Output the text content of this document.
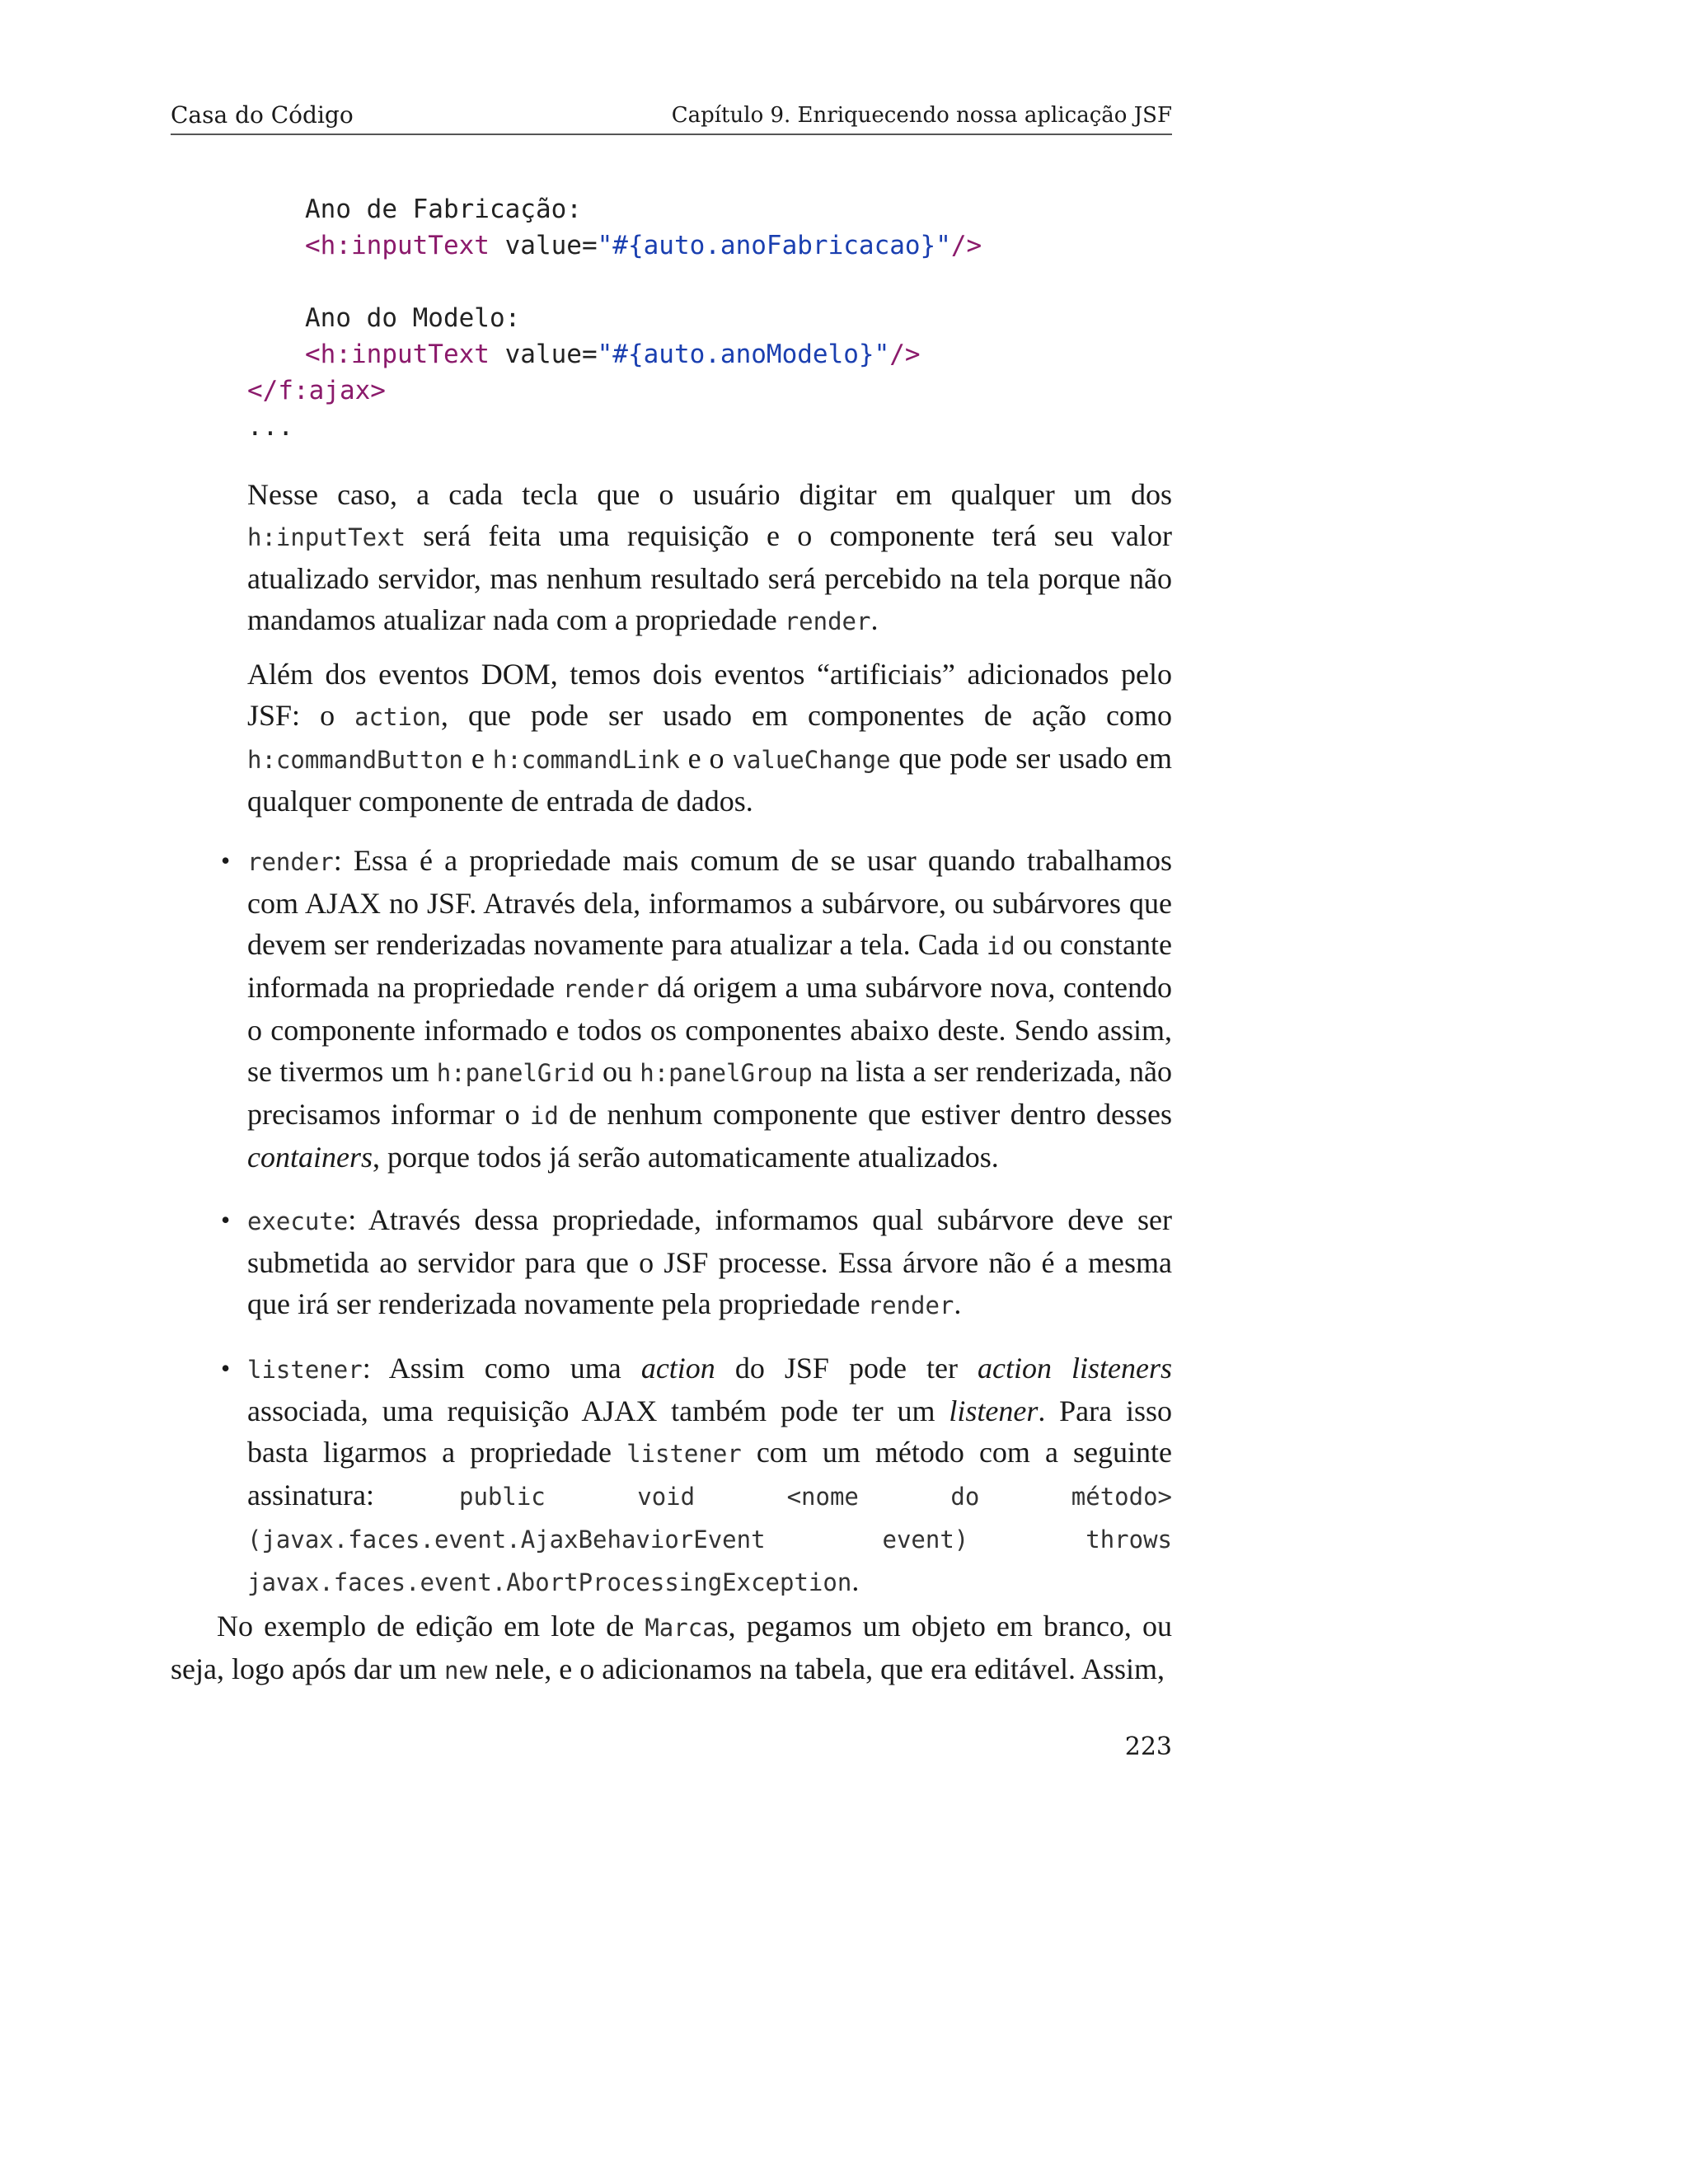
Casa do Código	Capítulo 9. Enriquecendo nossa aplicação JSF
Ano de Fabricação:
<h:inputText value="#{auto.anoFabricacao}"/>

Ano do Modelo:
<h:inputText value="#{auto.anoModelo}"/>
</f:ajax>
...

Nesse caso, a cada tecla que o usuário digitar em qualquer um dos h:inputText será feita uma requisição e o componente terá seu valor atualizado servidor, mas nenhum resultado será percebido na tela porque não mandamos atualizar nada com a propriedade render.

Além dos eventos DOM, temos dois eventos “artificiais” adicionados pelo JSF: o action, que pode ser usado em componentes de ação como h:commandButton e h:commandLink e o valueChange que pode ser usado em qualquer componente de entrada de dados.

• render: Essa é a propriedade mais comum de se usar quando trabalhamos com AJAX no JSF. Através dela, informamos a subárvore, ou subárvores que devem ser renderizadas novamente para atualizar a tela. Cada id ou constante informada na propriedade render dá origem a uma subárvore nova, contendo o componente informado e todos os componentes abaixo deste. Sendo assim, se tivermos um h:panelGrid ou h:panelGroup na lista a ser renderizada, não precisamos informar o id de nenhum componente que estiver dentro desses containers, porque todos já serão automaticamente atualizados.
• execute: Através dessa propriedade, informamos qual subárvore deve ser submetida ao servidor para que o JSF processe. Essa árvore não é a mesma que irá ser renderizada novamente pela propriedade render.
• listener: Assim como uma action do JSF pode ter action listeners associada, uma requisição AJAX também pode ter um listener. Para isso basta ligarmos a propriedade listener com um método com a seguinte assinatura: public void <nome do método>(javax.faces.event.AjaxBehaviorEvent event) throws javax.faces.event.AbortProcessingException.

No exemplo de edição em lote de Marcas, pegamos um objeto em branco, ou seja, logo após dar um new nele, e o adicionamos na tabela, que era editável. Assim,

223
